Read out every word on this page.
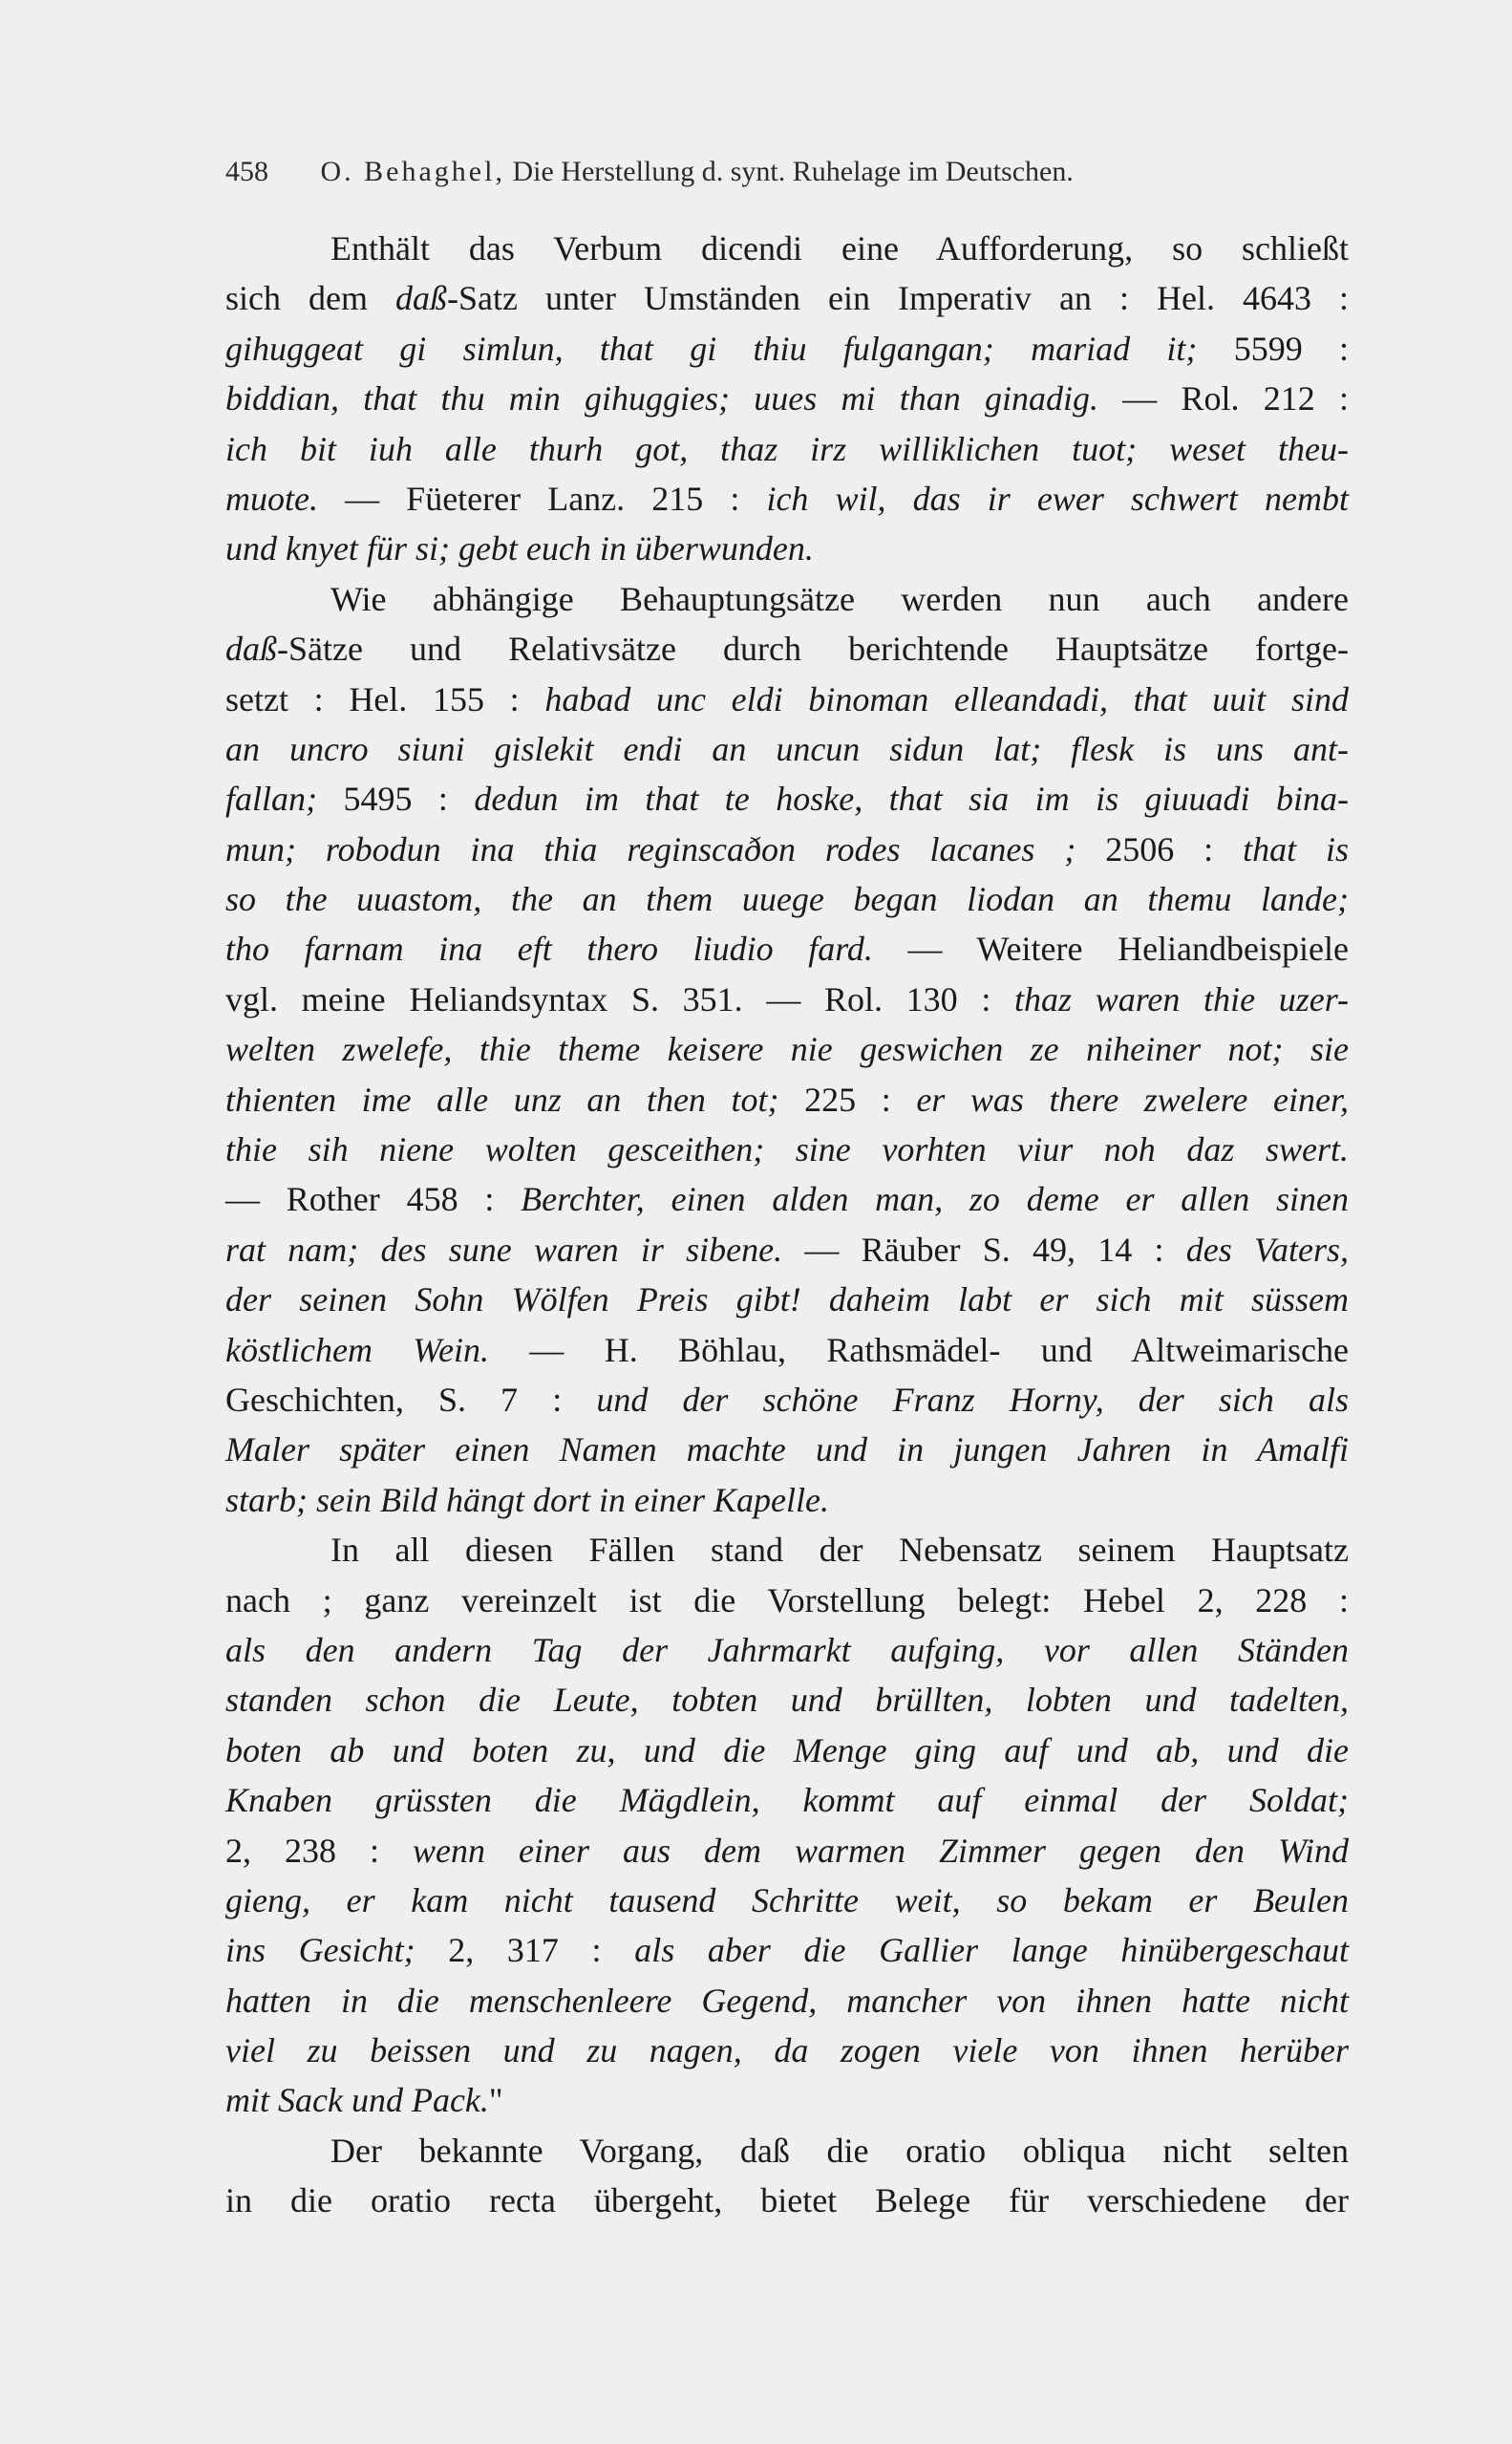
458 O. Behaghel, Die Herstellung d. synt. Ruhelage im Deutschen.
Enthält das Verbum dicendi eine Aufforderung, so schließt
sich dem daß-Satz unter Umständen ein Imperativ an : Hel. 4643 :
gihuggeat gi simlun, that gi thiu fulgangan; mariad it; 5599 :
biddian, that thu min gihuggies; uues mi than ginadig. — Rol. 212 :
ich bit iuh alle thurh got, thaz irz williklichen tuot; weset theu-
muote. — Füeterer Lanz. 215 : ich wil, das ir ewer schwert nembt
und knyet für si; gebt euch in überwunden.
Wie abhängige Behauptungsätze werden nun auch andere
daß-Sätze und Relativsätze durch berichtende Hauptsätze fortge-
setzt : Hel. 155 : habad unc eldi binoman elleandadi, that uuit sind
an uncro siuni gislekit endi an uncun sidun lat; flesk is uns ant-
fallan; 5495 : dedun im that te hoske, that sia im is giuuadi bina-
mun; robodun ina thia reginscaðon rodes lacanes ; 2506 : that is
so the uuastom, the an them uuege began liodan an themu lande;
tho farnam ina eft thero liudio fard. — Weitere Heliandbeispiele
vgl. meine Heliandsyntax S. 351. — Rol. 130 : thaz waren thie uzer-
welten zwelefe, thie theme keisere nie geswichen ze niheiner not; sie
thienten ime alle unz an then tot; 225 : er was there zwelere einer,
thie sih niene wolten gesceithen; sine vorhten viur noh daz swert.
— Rother 458 : Berchter, einen alden man, zo deme er allen sinen
rat nam; des sune waren ir sibene. — Räuber S. 49, 14 : des Vaters,
der seinen Sohn Wölfen Preis gibt! daheim labt er sich mit süssem
köstlichem Wein. — H. Böhlau, Rathsmädel- und Altweimarische
Geschichten, S. 7 : und der schöne Franz Horny, der sich als
Maler später einen Namen machte und in jungen Jahren in Amalfi
starb; sein Bild hängt dort in einer Kapelle.
In all diesen Fällen stand der Nebensatz seinem Hauptsatz
nach ; ganz vereinzelt ist die Vorstellung belegt: Hebel 2, 228 :
als den andern Tag der Jahrmarkt aufging, vor allen Ständen
standen schon die Leute, tobten und brüllten, lobten und tadelten,
boten ab und boten zu, und die Menge ging auf und ab, und die
Knaben grüssten die Mägdlein, kommt auf einmal der Soldat;
2, 238 : wenn einer aus dem warmen Zimmer gegen den Wind
gieng, er kam nicht tausend Schritte weit, so bekam er Beulen
ins Gesicht; 2, 317 : als aber die Gallier lange hinübergeschaut
hatten in die menschenleere Gegend, mancher von ihnen hatte nicht
viel zu beissen und zu nagen, da zogen viele von ihnen herüber
mit Sack und Pack."
Der bekannte Vorgang, daß die oratio obliqua nicht selten
in die oratio recta übergeht, bietet Belege für verschiedene der
